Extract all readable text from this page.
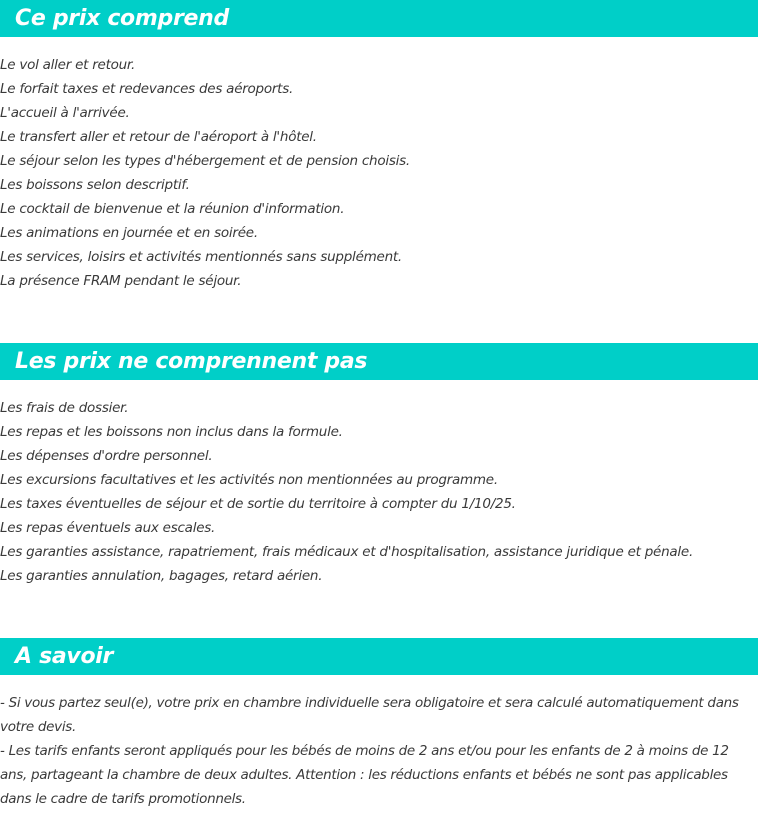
Ce prix comprend
Le vol aller et retour.
Le forfait taxes et redevances des aéroports.
L'accueil à l'arrivée.
Le transfert aller et retour de l'aéroport à l'hôtel.
Le séjour selon les types d'hébergement et de pension choisis.
Les boissons selon descriptif.
Le cocktail de bienvenue et la réunion d'information.
Les animations en journée et en soirée.
Les services, loisirs et activités mentionnés sans supplément.
La présence FRAM pendant le séjour.
Les prix ne comprennent pas
Les frais de dossier.
Les repas et les boissons non inclus dans la formule.
Les dépenses d'ordre personnel.
Les excursions facultatives et les activités non mentionnées au programme.
Les taxes éventuelles de séjour et de sortie du territoire à compter du 1/10/25.
Les repas éventuels aux escales.
Les garanties assistance, rapatriement, frais médicaux et d'hospitalisation, assistance juridique et pénale.
Les garanties annulation, bagages, retard aérien.
A savoir

- Si vous partez seul(e), votre prix en chambre individuelle sera obligatoire et sera calculé automatiquement dans votre devis.

- Les tarifs enfants seront appliqués pour les bébés de moins de 2 ans et/ou pour les enfants de 2 à moins de 12 ans, partageant la chambre de deux adultes. Attention : les réductions enfants et bébés ne sont pas applicables dans le cadre de tarifs promotionnels.
